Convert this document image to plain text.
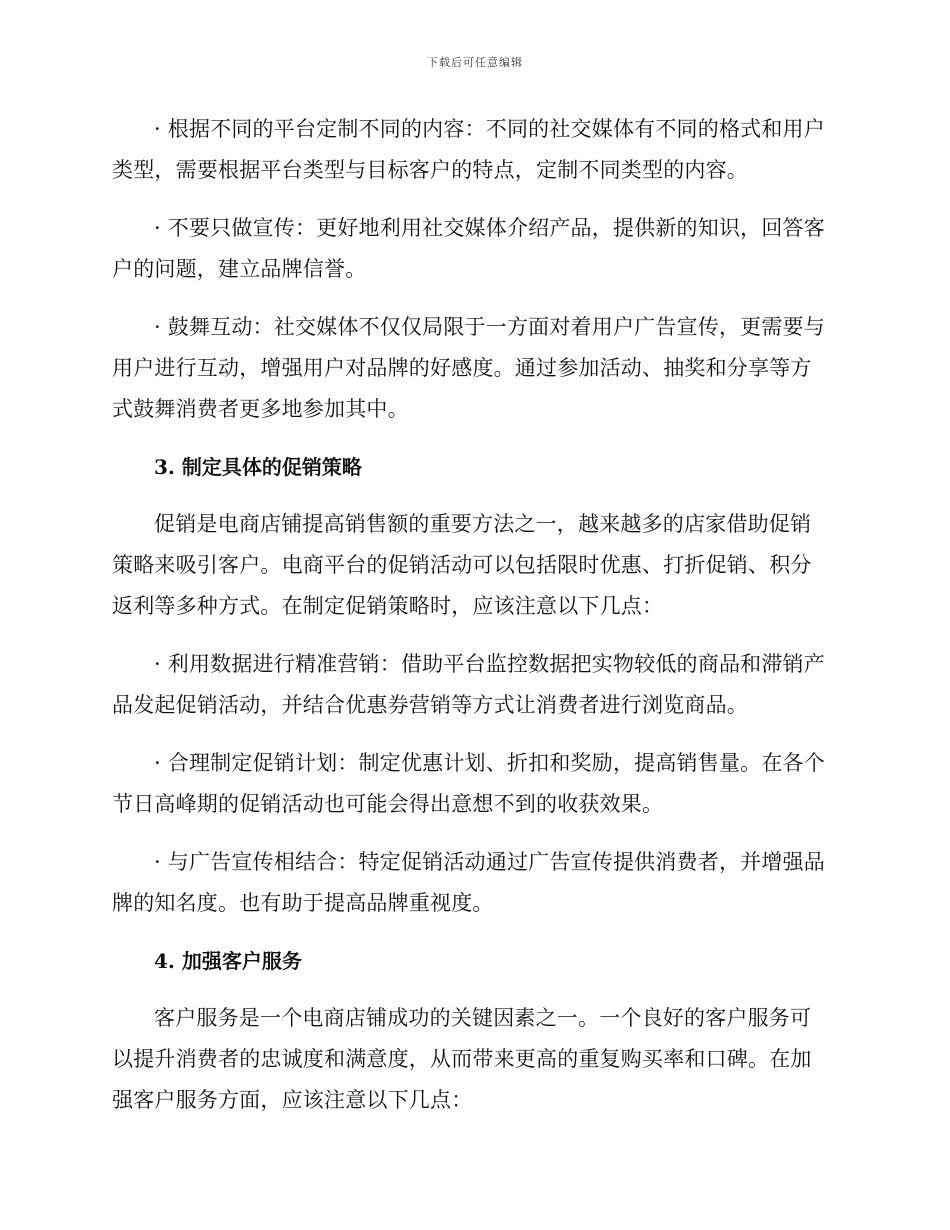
下载后可任意编辑

· 根据不同的平台定制不同的内容：不同的社交媒体有不同的格式和用户类型，需要根据平台类型与目标客户的特点，定制不同类型的内容。

· 不要只做宣传：更好地利用社交媒体介绍产品，提供新的知识，回答客户的问题，建立品牌信誉。

· 鼓舞互动：社交媒体不仅仅局限于一方面对着用户广告宣传，更需要与用户进行互动，增强用户对品牌的好感度。通过参加活动、抽奖和分享等方式鼓舞消费者更多地参加其中。

3. 制定具体的促销策略

促销是电商店铺提高销售额的重要方法之一，越来越多的店家借助促销策略来吸引客户。电商平台的促销活动可以包括限时优惠、打折促销、积分返利等多种方式。在制定促销策略时，应该注意以下几点：

· 利用数据进行精准营销：借助平台监控数据把实物较低的商品和滞销产品发起促销活动，并结合优惠券营销等方式让消费者进行浏览商品。

· 合理制定促销计划：制定优惠计划、折扣和奖励，提高销售量。在各个节日高峰期的促销活动也可能会得出意想不到的收获效果。

· 与广告宣传相结合：特定促销活动通过广告宣传提供消费者，并增强品牌的知名度。也有助于提高品牌重视度。

4. 加强客户服务

客户服务是一个电商店铺成功的关键因素之一。一个良好的客户服务可以提升消费者的忠诚度和满意度，从而带来更高的重复购买率和口碑。在加强客户服务方面，应该注意以下几点：
